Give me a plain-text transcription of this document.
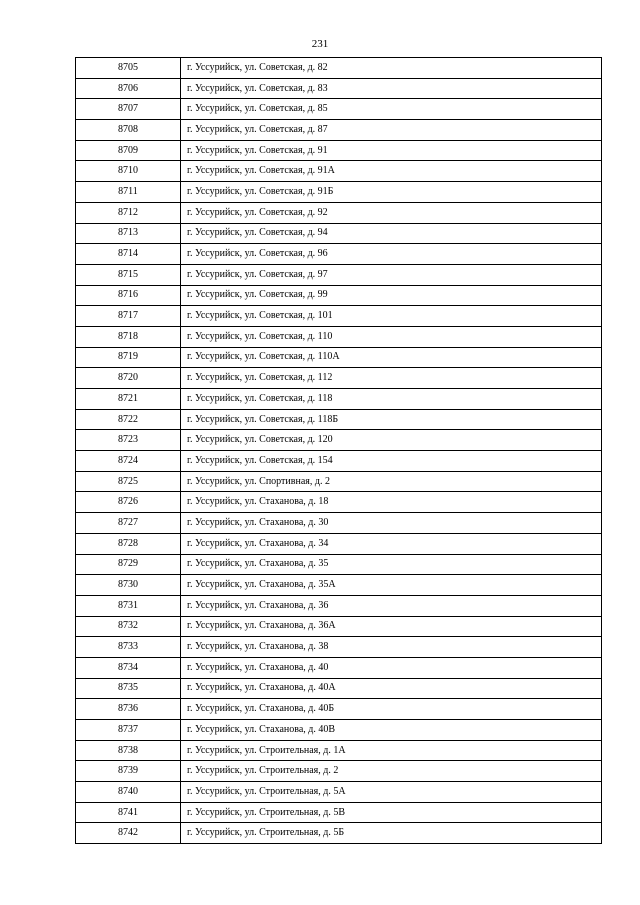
231
8705	г. Уссурийск, ул. Советская, д. 82
8706	г. Уссурийск, ул. Советская, д. 83
8707	г. Уссурийск, ул. Советская, д. 85
8708	г. Уссурийск, ул. Советская, д. 87
8709	г. Уссурийск, ул. Советская, д. 91
8710	г. Уссурийск, ул. Советская, д. 91А
8711	г. Уссурийск, ул. Советская, д. 91Б
8712	г. Уссурийск, ул. Советская, д. 92
8713	г. Уссурийск, ул. Советская, д. 94
8714	г. Уссурийск, ул. Советская, д. 96
8715	г. Уссурийск, ул. Советская, д. 97
8716	г. Уссурийск, ул. Советская, д. 99
8717	г. Уссурийск, ул. Советская, д. 101
8718	г. Уссурийск, ул. Советская, д. 110
8719	г. Уссурийск, ул. Советская, д. 110А
8720	г. Уссурийск, ул. Советская, д. 112
8721	г. Уссурийск, ул. Советская, д. 118
8722	г. Уссурийск, ул. Советская, д. 118Б
8723	г. Уссурийск, ул. Советская, д. 120
8724	г. Уссурийск, ул. Советская, д. 154
8725	г. Уссурийск, ул. Спортивная, д. 2
8726	г. Уссурийск, ул. Стаханова, д. 18
8727	г. Уссурийск, ул. Стаханова, д. 30
8728	г. Уссурийск, ул. Стаханова, д. 34
8729	г. Уссурийск, ул. Стаханова, д. 35
8730	г. Уссурийск, ул. Стаханова, д. 35А
8731	г. Уссурийск, ул. Стаханова, д. 36
8732	г. Уссурийск, ул. Стаханова, д. 36А
8733	г. Уссурийск, ул. Стаханова, д. 38
8734	г. Уссурийск, ул. Стаханова, д. 40
8735	г. Уссурийск, ул. Стаханова, д. 40А
8736	г. Уссурийск, ул. Стаханова, д. 40Б
8737	г. Уссурийск, ул. Стаханова, д. 40В
8738	г. Уссурийск, ул. Строительная, д. 1А
8739	г. Уссурийск, ул. Строительная, д. 2
8740	г. Уссурийск, ул. Строительная, д. 5А
8741	г. Уссурийск, ул. Строительная, д. 5В
8742	г. Уссурийск, ул. Строительная, д. 5Б
